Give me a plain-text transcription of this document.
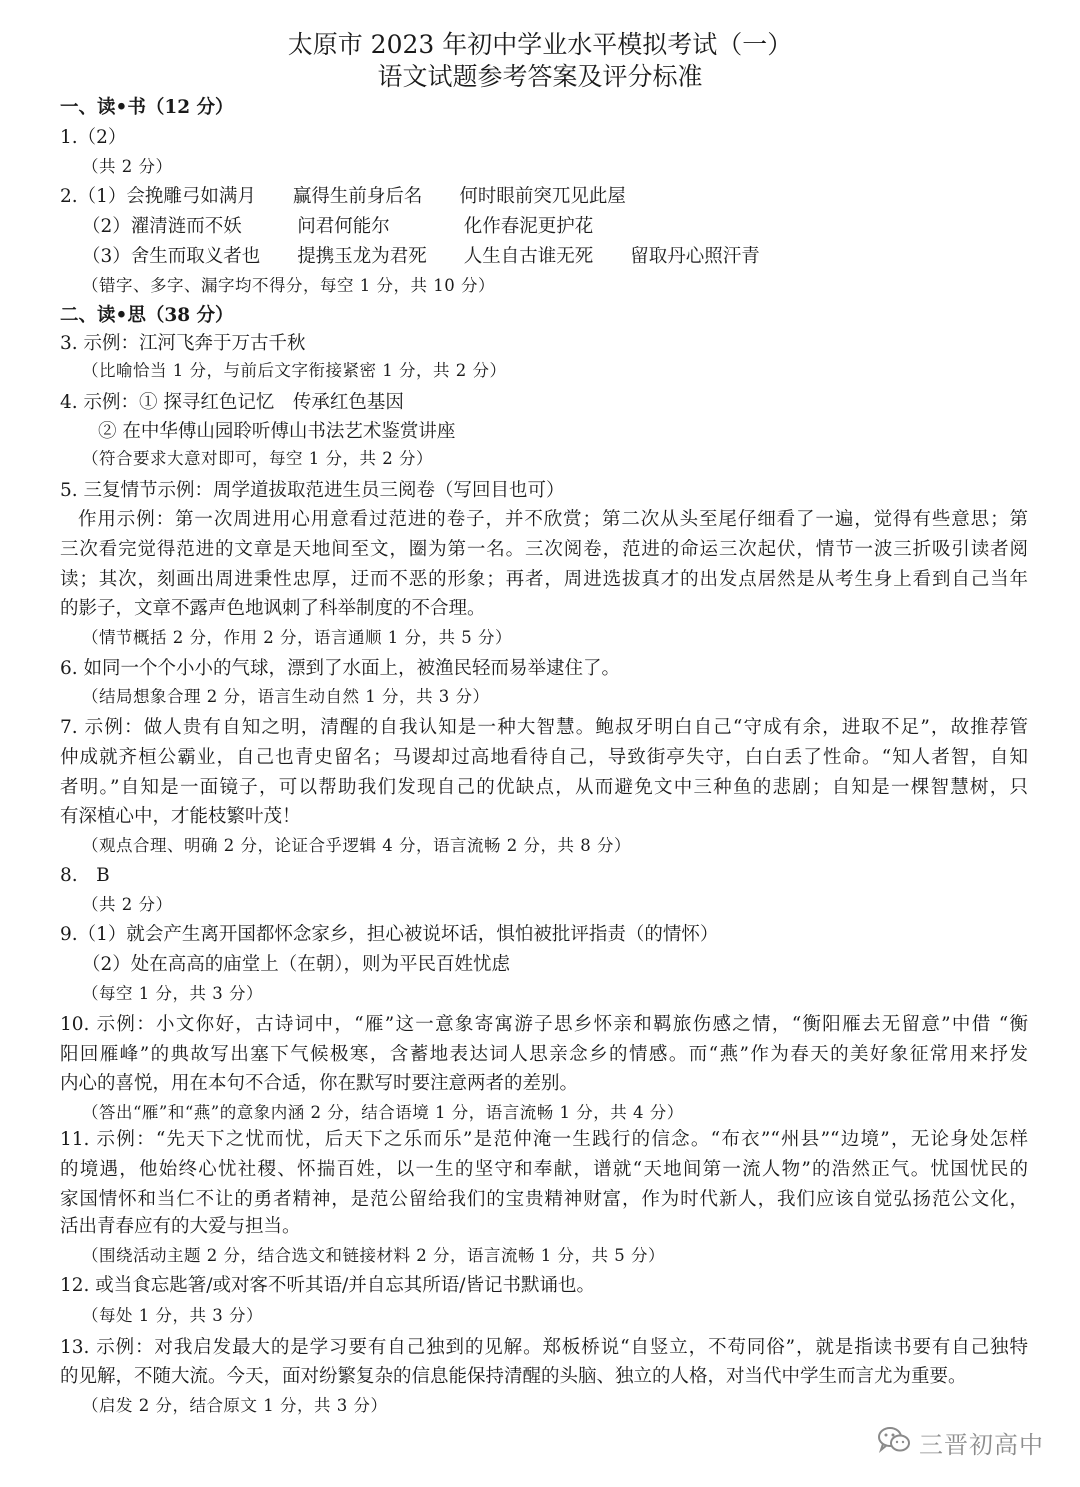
太原市 2023 年初中学业水平模拟考试（一）
语文试题参考答案及评分标准
一、读•书（12 分）
1.（2）
（共 2 分）
2.（1）会挽雕弓如满月　　赢得生前身后名　　何时眼前突兀见此屋
（2）濯清涟而不妖　　　问君何能尔　　　　化作春泥更护花
（3）舍生而取义者也　　提携玉龙为君死　　人生自古谁无死　　留取丹心照汗青
（错字、多字、漏字均不得分，每空 1 分，共 10 分）
二、读•思（38 分）
3. 示例：江河飞奔于万古千秋
（比喻恰当 1 分，与前后文字衔接紧密 1 分，共 2 分）
4. 示例：① 探寻红色记忆　传承红色基因
② 在中华傅山园聆听傅山书法艺术鉴赏讲座
（符合要求大意对即可，每空 1 分，共 2 分）
5. 三复情节示例：周学道拔取范进生员三阅卷（写回目也可）
作用示例：第一次周进用心用意看过范进的卷子，并不欣赏；第二次从头至尾仔细看了一遍，觉得有些意思；第
三次看完觉得范进的文章是天地间至文，圈为第一名。三次阅卷，范进的命运三次起伏，情节一波三折吸引读者阅
读；其次，刻画出周进秉性忠厚，迂而不恶的形象；再者，周进选拔真才的出发点居然是从考生身上看到自己当年
的影子，文章不露声色地讽刺了科举制度的不合理。
（情节概括 2 分，作用 2 分，语言通顺 1 分，共 5 分）
6. 如同一个个小小的气球，漂到了水面上，被渔民轻而易举逮住了。
（结局想象合理 2 分，语言生动自然 1 分，共 3 分）
7. 示例：做人贵有自知之明，清醒的自我认知是一种大智慧。鲍叔牙明白自己“守成有余，进取不足”，故推荐管
仲成就齐桓公霸业，自己也青史留名；马谡却过高地看待自己，导致街亭失守，白白丢了性命。“知人者智，自知
者明。”自知是一面镜子，可以帮助我们发现自己的优缺点，从而避免文中三种鱼的悲剧；自知是一棵智慧树，只
有深植心中，才能枝繁叶茂！
（观点合理、明确 2 分，论证合乎逻辑 4 分，语言流畅 2 分，共 8 分）
8.　B
（共 2 分）
9.（1）就会产生离开国都怀念家乡，担心被说坏话，惧怕被批评指责（的情怀）
（2）处在高高的庙堂上（在朝），则为平民百姓忧虑
（每空 1 分，共 3 分）
10. 示例：小文你好，古诗词中，“雁”这一意象寄寓游子思乡怀亲和羁旅伤感之情，“衡阳雁去无留意”中借 “衡
阳回雁峰”的典故写出塞下气候极寒，含蓄地表达词人思亲念乡的情感。而“燕”作为春天的美好象征常用来抒发
内心的喜悦，用在本句不合适，你在默写时要注意两者的差别。
（答出“雁”和“燕”的意象内涵 2 分，结合语境 1 分，语言流畅 1 分，共 4 分）
11. 示例：“先天下之忧而忧，后天下之乐而乐”是范仲淹一生践行的信念。“布衣”“州县”“边境”，无论身处怎样
的境遇，他始终心忧社稷、怀揣百姓，以一生的坚守和奉献，谱就“天地间第一流人物”的浩然正气。忧国忧民的
家国情怀和当仁不让的勇者精神，是范公留给我们的宝贵精神财富，作为时代新人，我们应该自觉弘扬范公文化，
活出青春应有的大爱与担当。
（围绕活动主题 2 分，结合选文和链接材料 2 分，语言流畅 1 分，共 5 分）
12. 或当食忘匙箸/或对客不听其语/并自忘其所语/皆记书默诵也。
（每处 1 分，共 3 分）
13. 示例：对我启发最大的是学习要有自己独到的见解。郑板桥说“自竖立，不苟同俗”，就是指读书要有自己独特
的见解，不随大流。今天，面对纷繁复杂的信息能保持清醒的头脑、独立的人格，对当代中学生而言尤为重要。
（启发 2 分，结合原文 1 分，共 3 分）
三晋初高中
